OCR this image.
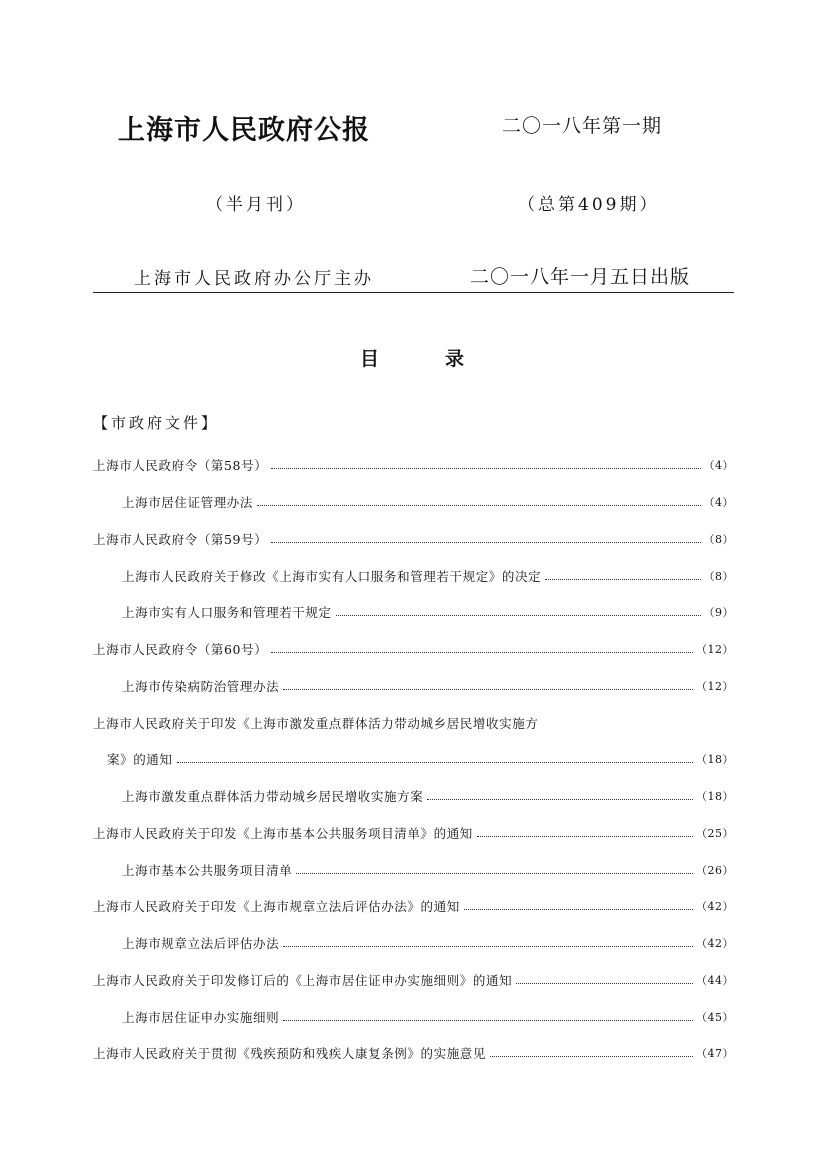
上海市人民政府公报	二〇一八年第一期
（半月刊）	（总第409期）
上海市人民政府办公厅主办	二〇一八年一月五日出版
目录
【市政府文件】
上海市人民政府令（第58号）	（4）
上海市居住证管理办法	（4）
上海市人民政府令（第59号）	（8）
上海市人民政府关于修改《上海市实有人口服务和管理若干规定》的决定	（8）
上海市实有人口服务和管理若干规定	（9）
上海市人民政府令（第60号）	（12）
上海市传染病防治管理办法	（12）
上海市人民政府关于印发《上海市激发重点群体活力带动城乡居民增收实施方
案》的通知	（18）
上海市激发重点群体活力带动城乡居民增收实施方案	（18）
上海市人民政府关于印发《上海市基本公共服务项目清单》的通知	（25）
上海市基本公共服务项目清单	（26）
上海市人民政府关于印发《上海市规章立法后评估办法》的通知	（42）
上海市规章立法后评估办法	（42）
上海市人民政府关于印发修订后的《上海市居住证申办实施细则》的通知	（44）
上海市居住证申办实施细则	（45）
上海市人民政府关于贯彻《残疾预防和残疾人康复条例》的实施意见	（47）
